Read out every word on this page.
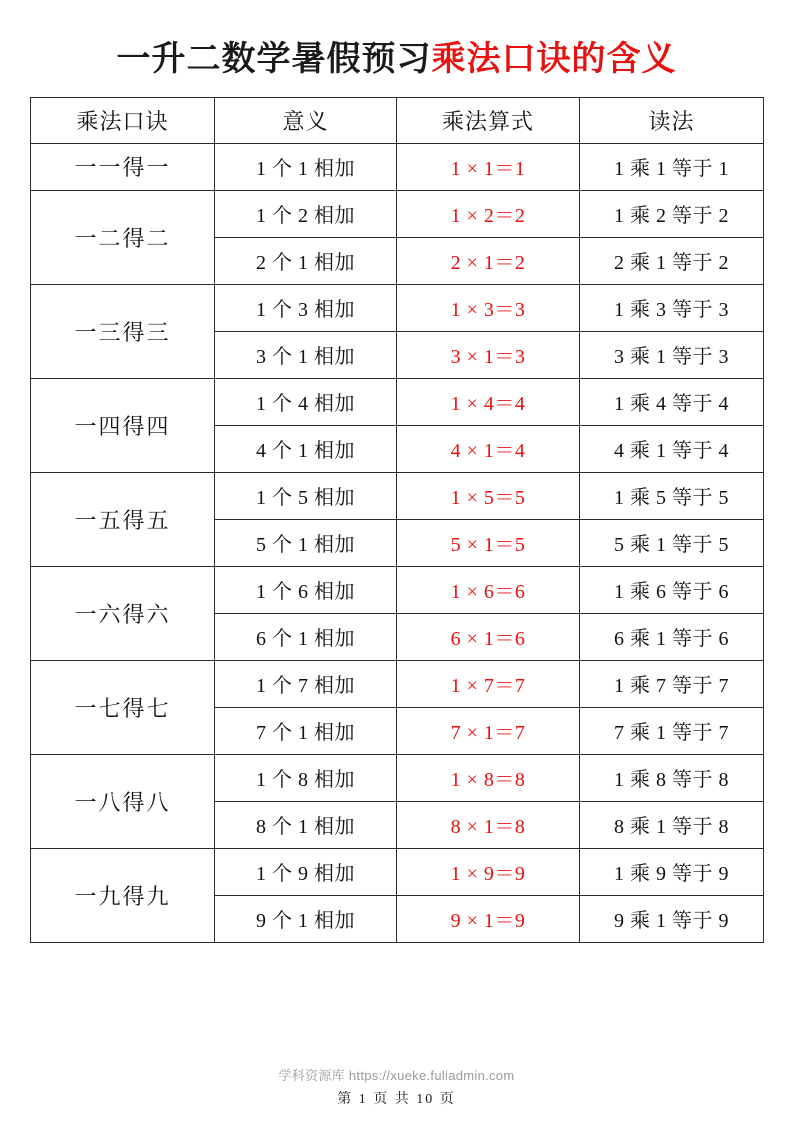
一升二数学暑假预习乘法口诀的含义
乘法口诀	意义	乘法算式	读法
一一得一	1 个 1 相加	1 × 1＝1	1 乘 1 等于 1
一二得二	1 个 2 相加	1 × 2＝2	1 乘 2 等于 2
	2 个 1 相加	2 × 1＝2	2 乘 1 等于 2
一三得三	1 个 3 相加	1 × 3＝3	1 乘 3 等于 3
	3 个 1 相加	3 × 1＝3	3 乘 1 等于 3
一四得四	1 个 4 相加	1 × 4＝4	1 乘 4 等于 4
	4 个 1 相加	4 × 1＝4	4 乘 1 等于 4
一五得五	1 个 5 相加	1 × 5＝5	1 乘 5 等于 5
	5 个 1 相加	5 × 1＝5	5 乘 1 等于 5
一六得六	1 个 6 相加	1 × 6＝6	1 乘 6 等于 6
	6 个 1 相加	6 × 1＝6	6 乘 1 等于 6
一七得七	1 个 7 相加	1 × 7＝7	1 乘 7 等于 7
	7 个 1 相加	7 × 1＝7	7 乘 1 等于 7
一八得八	1 个 8 相加	1 × 8＝8	1 乘 8 等于 8
	8 个 1 相加	8 × 1＝8	8 乘 1 等于 8
一九得九	1 个 9 相加	1 × 9＝9	1 乘 9 等于 9
	9 个 1 相加	9 × 1＝9	9 乘 1 等于 9
学科资源库 https://xueke.fuliadmin.com
第 1 页 共 10 页
